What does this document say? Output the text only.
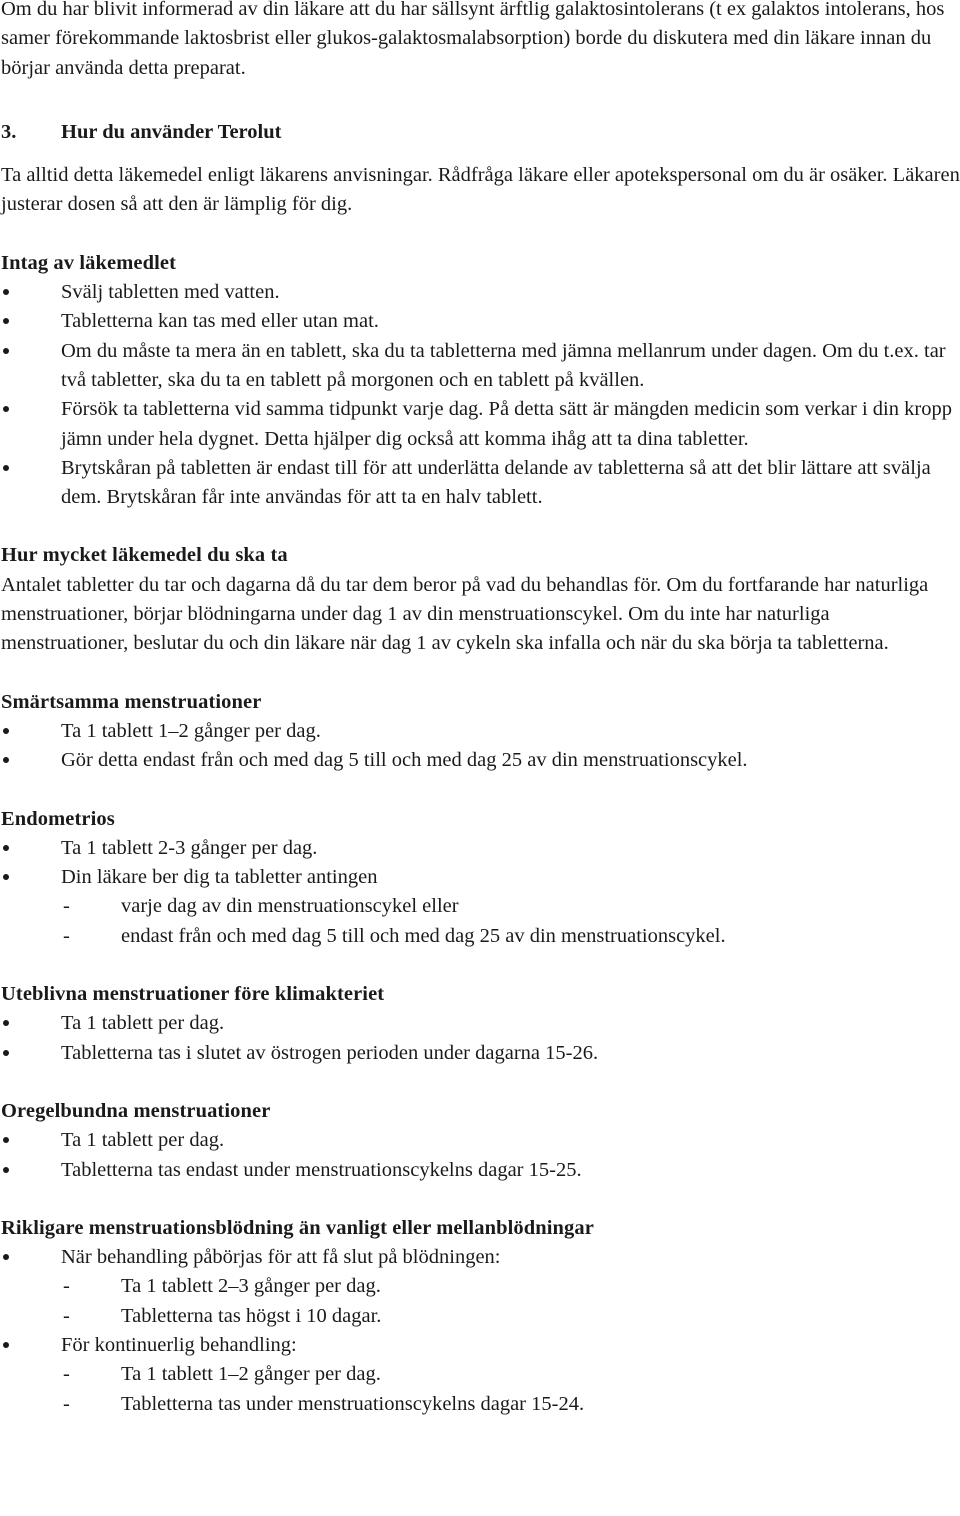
Om du har blivit informerad av din läkare att du har sällsynt ärftlig galaktosintolerans (t ex galaktos intolerans, hos samer förekommande laktosbrist eller glukos-galaktosmalabsorption) borde du diskutera med din läkare innan du börjar använda detta preparat.

3. Hur du använder Terolut

Ta alltid detta läkemedel enligt läkarens anvisningar. Rådfråga läkare eller apotekspersonal om du är osäker. Läkaren justerar dosen så att den är lämplig för dig.

Intag av läkemedlet

Svälj tabletten med vatten.
Tabletterna kan tas med eller utan mat.
Om du måste ta mera än en tablett, ska du ta tabletterna med jämna mellanrum under dagen. Om du t.ex. tar två tabletter, ska du ta en tablett på morgonen och en tablett på kvällen.
Försök ta tabletterna vid samma tidpunkt varje dag. På detta sätt är mängden medicin som verkar i din kropp jämn under hela dygnet. Detta hjälper dig också att komma ihåg att ta dina tabletter.
Brytskåran på tabletten är endast till för att underlätta delande av tabletterna så att det blir lättare att svälja dem. Brytskåran får inte användas för att ta en halv tablett.

Hur mycket läkemedel du ska ta

Antalet tabletter du tar och dagarna då du tar dem beror på vad du behandlas för. Om du fortfarande har naturliga menstruationer, börjar blödningarna under dag 1 av din menstruationscykel. Om du inte har naturliga menstruationer, beslutar du och din läkare när dag 1 av cykeln ska infalla och när du ska börja ta tabletterna.

Smärtsamma menstruationer

Ta 1 tablett 1–2 gånger per dag.
Gör detta endast från och med dag 5 till och med dag 25 av din menstruationscykel.

Endometrios

Ta 1 tablett 2-3 gånger per dag.
Din läkare ber dig ta tabletter antingen
- varje dag av din menstruationscykel eller
- endast från och med dag 5 till och med dag 25 av din menstruationscykel.

Uteblivna menstruationer före klimakteriet

Ta 1 tablett per dag.
Tabletterna tas i slutet av östrogen perioden under dagarna 15-26.

Oregelbundna menstruationer

Ta 1 tablett per dag.
Tabletterna tas endast under menstruationscykelns dagar 15-25.

Rikligare menstruationsblödning än vanligt eller mellanblödningar

När behandling påbörjas för att få slut på blödningen:
- Ta 1 tablett 2–3 gånger per dag.
- Tabletterna tas högst i 10 dagar.
För kontinuerlig behandling:
- Ta 1 tablett 1–2 gånger per dag.
- Tabletterna tas under menstruationscykelns dagar 15-24.
